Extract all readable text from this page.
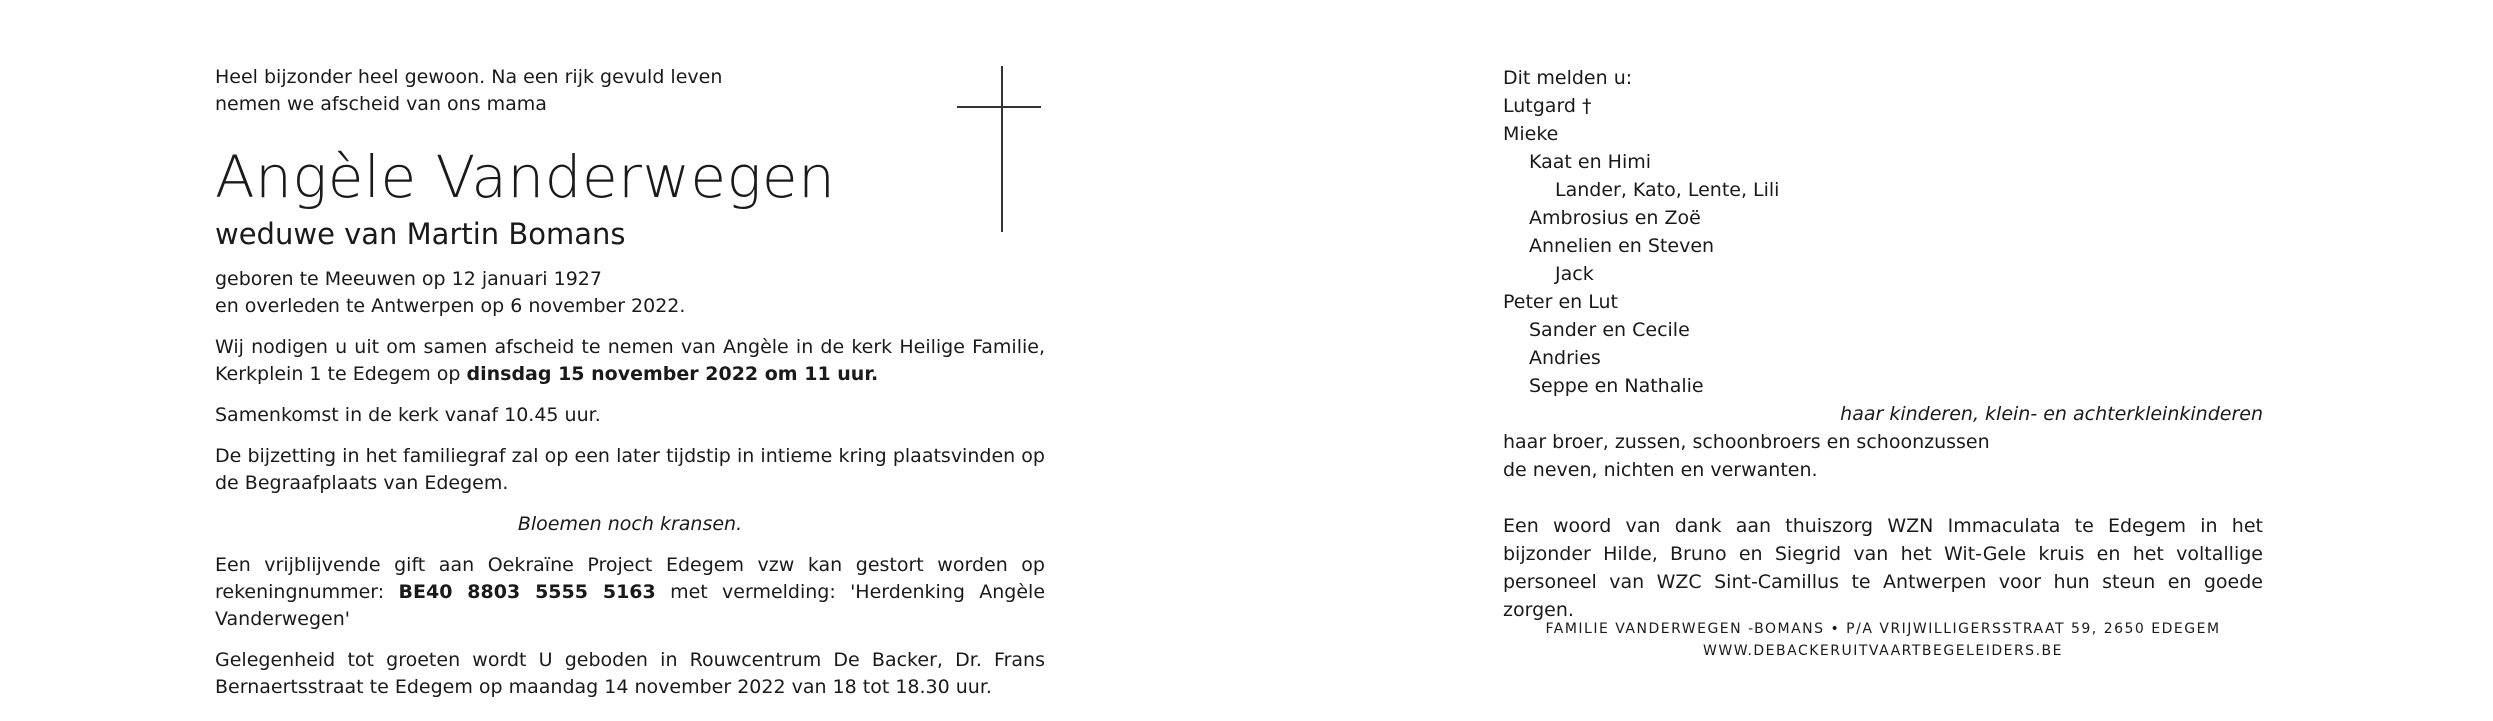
Heel bijzonder heel gewoon. Na een rijk gevuld leven
nemen we afscheid van ons mama
Angèle Vanderwegen
weduwe van Martin Bomans
geboren te Meeuwen op 12 januari 1927
en overleden te Antwerpen op 6 november 2022.
Wij nodigen u uit om samen afscheid te nemen van Angèle in de kerk Heilige Familie, Kerkplein 1 te Edegem op dinsdag 15 november 2022 om 11 uur.
Samenkomst in de kerk vanaf 10.45 uur.
De bijzetting in het familiegraf zal op een later tijdstip in intieme kring plaatsvinden op de Begraafplaats van Edegem.
Bloemen noch kransen.
Een vrijblijvende gift aan Oekraïne Project Edegem vzw kan gestort worden op rekeningnummer: BE40 8803 5555 5163 met vermelding: 'Herdenking Angèle Vanderwegen'
Gelegenheid tot groeten wordt U geboden in Rouwcentrum De Backer, Dr. Frans Bernaertsstraat te Edegem op maandag 14 november 2022 van 18 tot 18.30 uur.
Dit melden u:
Lutgard †
Mieke
Kaat en Himi
Lander, Kato, Lente, Lili
Ambrosius en Zoë
Annelien en Steven
Jack
Peter en Lut
Sander en Cecile
Andries
Seppe en Nathalie
haar kinderen, klein- en achterkleinkinderen
haar broer, zussen, schoonbroers en schoonzussen
de neven, nichten en verwanten.
Een woord van dank aan thuiszorg WZN Immaculata te Edegem in het bijzonder Hilde, Bruno en Siegrid van het Wit-Gele kruis en het voltallige personeel van WZC Sint-Camillus te Antwerpen voor hun steun en goede zorgen.
FAMILIE VANDERWEGEN -BOMANS • P/A VRIJWILLIGERSSTRAAT 59, 2650 EDEGEM
WWW.DEBACKERUITVAARTBEGELEIDERS.BE
